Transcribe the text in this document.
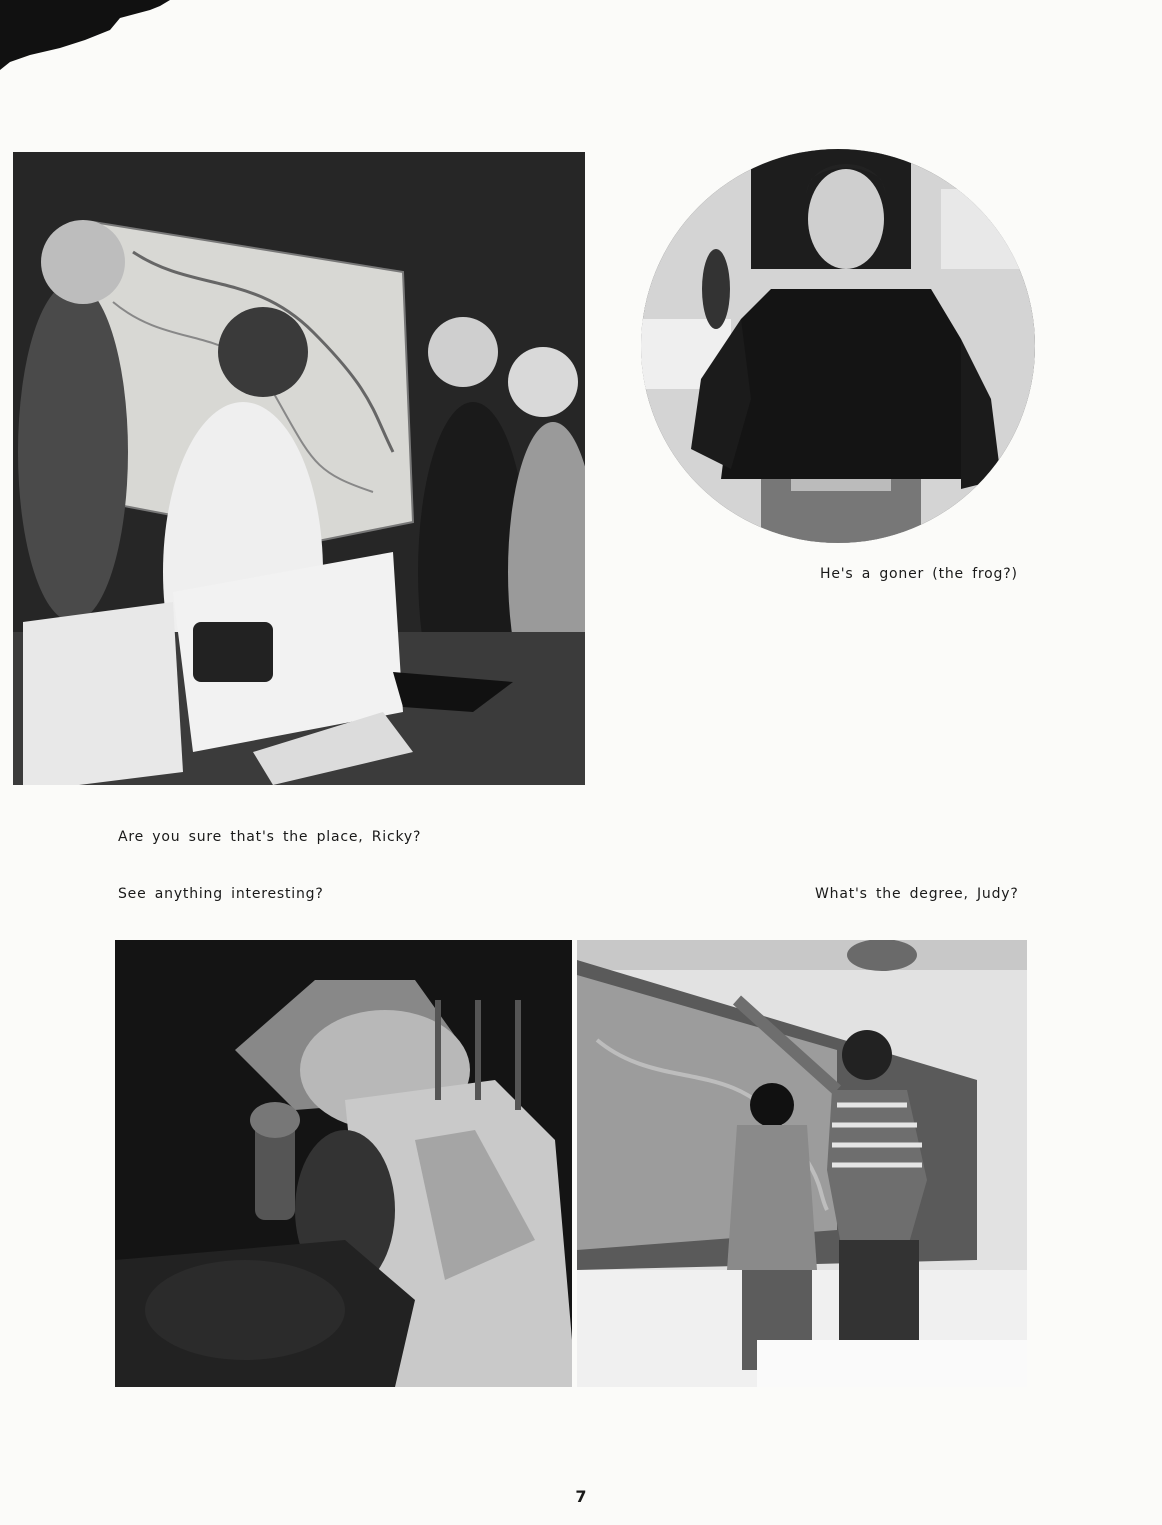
Are you sure that's the place, Ricky?
He's a goner (the frog?)
See anything interesting?	What's the degree, Judy?
7
